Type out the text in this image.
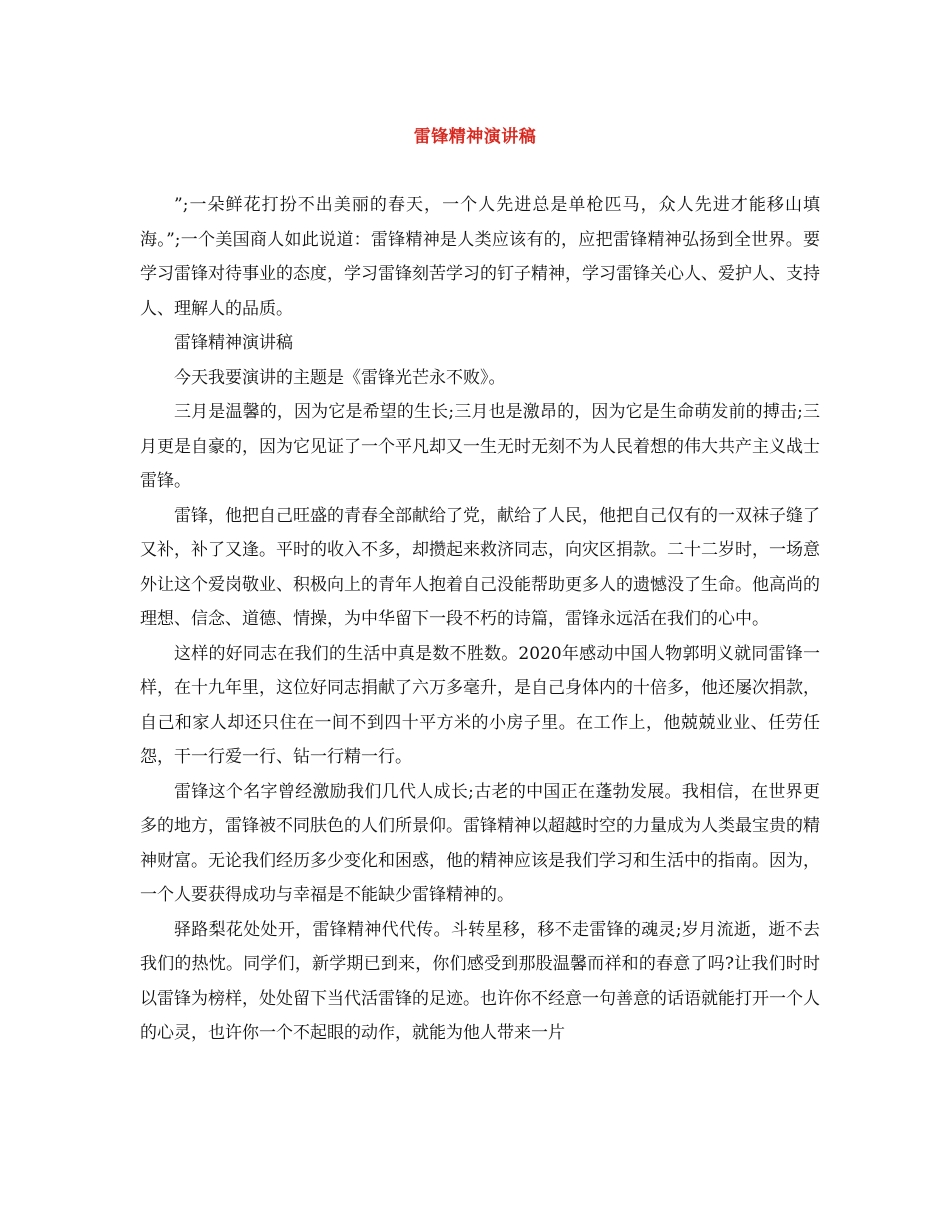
雷锋精神演讲稿

”;一朵鲜花打扮不出美丽的春天，一个人先进总是单枪匹马，众人先进才能移山填海。”;一个美国商人如此说道：雷锋精神是人类应该有的，应把雷锋精神弘扬到全世界。要学习雷锋对待事业的态度，学习雷锋刻苦学习的钉子精神，学习雷锋关心人、爱护人、支持人、理解人的品质。

雷锋精神演讲稿

今天我要演讲的主题是《雷锋光芒永不败》。

三月是温馨的，因为它是希望的生长;三月也是激昂的，因为它是生命萌发前的搏击;三月更是自豪的，因为它见证了一个平凡却又一生无时无刻不为人民着想的伟大共产主义战士雷锋。

雷锋，他把自己旺盛的青春全部献给了党，献给了人民，他把自己仅有的一双袜子缝了又补，补了又逢。平时的收入不多，却攒起来救济同志，向灾区捐款。二十二岁时，一场意外让这个爱岗敬业、积极向上的青年人抱着自己没能帮助更多人的遗憾没了生命。他高尚的理想、信念、道德、情操，为中华留下一段不朽的诗篇，雷锋永远活在我们的心中。

这样的好同志在我们的生活中真是数不胜数。2020年感动中国人物郭明义就同雷锋一样，在十九年里，这位好同志捐献了六万多毫升，是自己身体内的十倍多，他还屡次捐款，自己和家人却还只住在一间不到四十平方米的小房子里。在工作上，他兢兢业业、任劳任怨，干一行爱一行、钻一行精一行。

雷锋这个名字曾经激励我们几代人成长;古老的中国正在蓬勃发展。我相信，在世界更多的地方，雷锋被不同肤色的人们所景仰。雷锋精神以超越时空的力量成为人类最宝贵的精神财富。无论我们经历多少变化和困惑，他的精神应该是我们学习和生活中的指南。因为，一个人要获得成功与幸福是不能缺少雷锋精神的。

驿路梨花处处开，雷锋精神代代传。斗转星移，移不走雷锋的魂灵;岁月流逝，逝不去我们的热忱。同学们，新学期已到来，你们感受到那股温馨而祥和的春意了吗?让我们时时以雷锋为榜样，处处留下当代活雷锋的足迹。也许你不经意一句善意的话语就能打开一个人的心灵，也许你一个不起眼的动作，就能为他人带来一片
